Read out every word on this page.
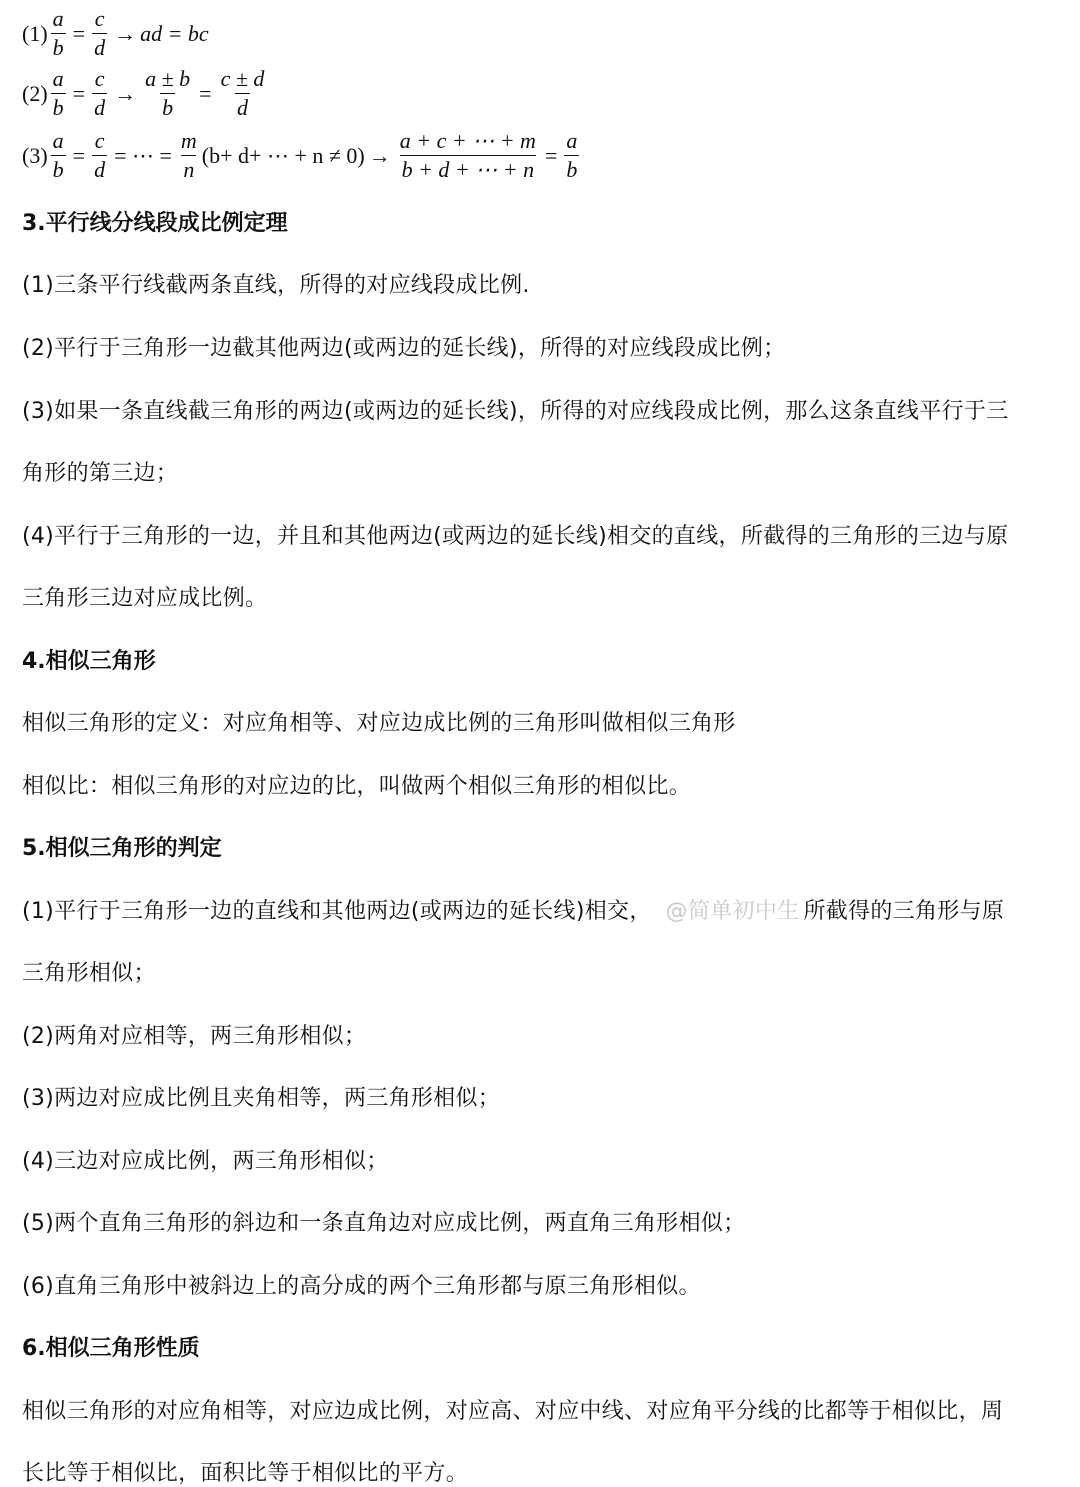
$(1) \frac{a}{b} = \frac{c}{d}$ → ad = bc
$(2) \frac{a}{b} = \frac{c}{d} \to \frac{a \pm b}{b} = \frac{c \pm d}{d}$
$(3) \frac{a}{b} = \frac{c}{d}$ = ⋯ = $\frac{m}{n} (b+ d+$ ⋯ + $n \ne 0) \to \frac{a + c + \cdots + m}{b + d + \cdots + n} = \frac{a}{b}$
3.平行线分线段成比例定理
(1)三条平行线截两条直线，所得的对应线段成比例.
(2)平行于三角形一边截其他两边(或两边的延长线)，所得的对应线段成比例；
(3)如果一条直线截三角形的两边(或两边的延长线)，所得的对应线段成比例，那么这条直线平行于三
角形的第三边；
(4)平行于三角形的一边，并且和其他两边(或两边的延长线)相交的直线，所截得的三角形的三边与原
三角形三边对应成比例。
4.相似三角形
相似三角形的定义：对应角相等、对应边成比例的三角形叫做相似三角形
相似比：相似三角形的对应边的比，叫做两个相似三角形的相似比。
5.相似三角形的判定
(1)平行于三角形一边的直线和其他两边(或两边的延长线)相交， @简单初中生 所截得的三角形与原
三角形相似；
(2)两角对应相等，两三角形相似；
(3)两边对应成比例且夹角相等，两三角形相似；
(4)三边对应成比例，两三角形相似；
(5)两个直角三角形的斜边和一条直角边对应成比例，两直角三角形相似；
(6)直角三角形中被斜边上的高分成的两个三角形都与原三角形相似。
6.相似三角形性质
相似三角形的对应角相等，对应边成比例，对应高、对应中线、对应角平分线的比都等于相似比，周
长比等于相似比，面积比等于相似比的平方。
